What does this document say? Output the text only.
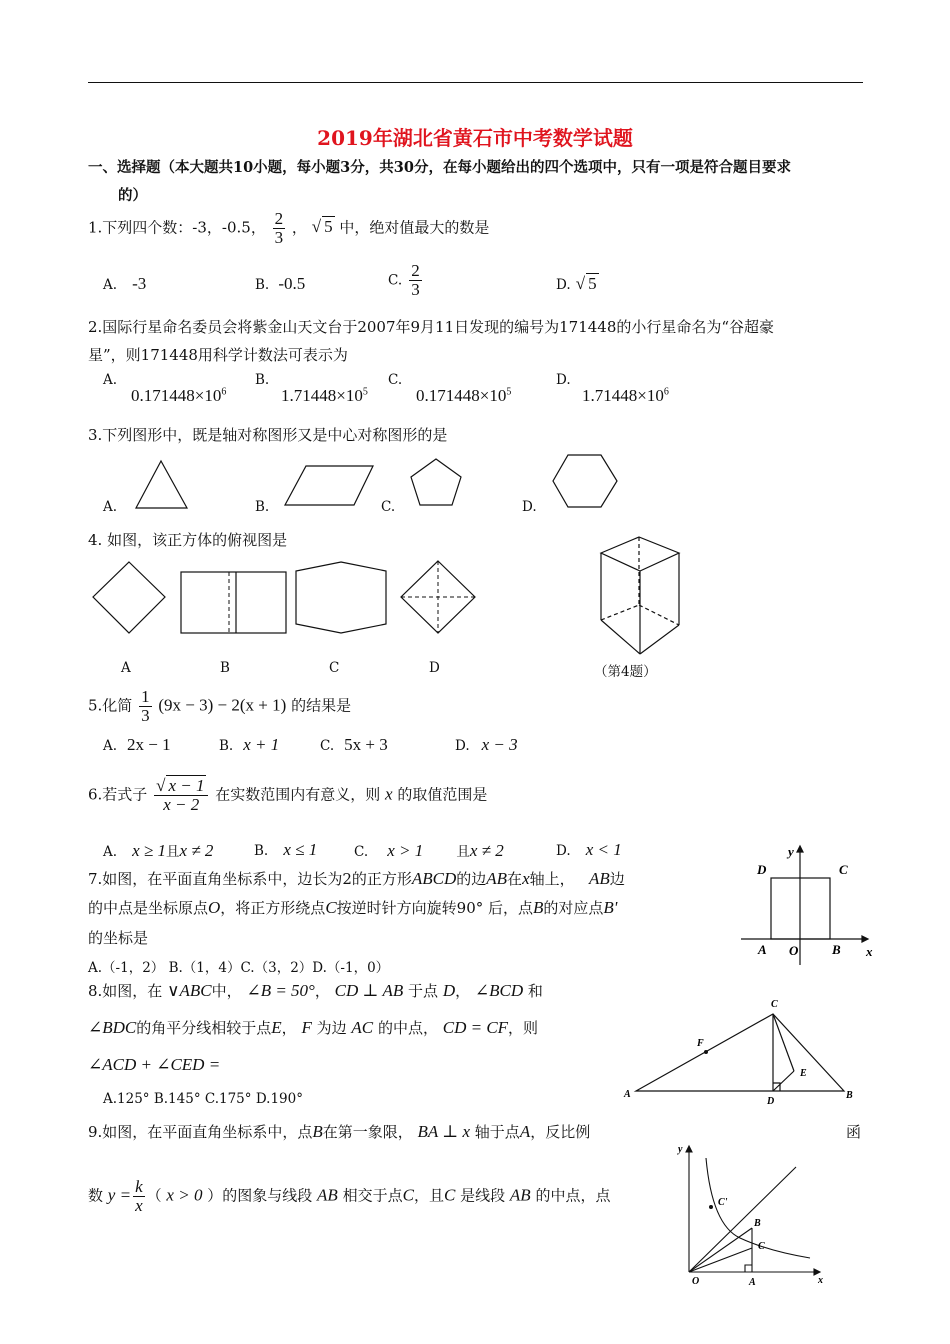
2019年湖北省黄石市中考数学试题
一、选择题（本大题共10小题，每小题3分，共30分，在每小题给出的四个选项中，只有一项是符合题目要求
的）
1.下列四个数：-3，-0.5， $\frac{2}{3}$ ， √ 5 中，绝对值最大的数是
A. -3	B. -0.5	C. $\frac{2}{3}$	D. √ 5
2.国际行星命名委员会将紫金山天文台于2007年9月11日发现的编号为171448的小行星命名为“谷超豪
星”，则171448用科学计数法可表示为
A.
$0.171448\times 10^6$
B.
$1.71448\times 10^5$
C.
$0.171448\times 10^5$
D.
$1.71448\times 10^6$
3.下列图形中，既是轴对称图形又是中心对称图形的是
A.	B.	C.	D.
4. 如图，该正方体的俯视图是
A	B	C	D	（第4题）
5.化简 $\frac{1}{3} (9x - 3) - 2(x + 1)$ 的结果是
A. 2x − 1	B. x + 1	C. 5x + 3	D. x − 3
6.若式子 $\frac{√ x - 1}{x - 2}$ 在实数范围内有意义，则 x 的取值范围是
A. x ≥ 1且x ≠ 2	B. x ≤ 1	C. x > 1 且x ≠ 2	D. x < 1
7.如图，在平面直角坐标系中，边长为2的正方形ABCD的边AB在x轴上， AB边
的中点是坐标原点O，将正方形绕点C按逆时针方向旋转90° 后，点B的对应点B'
的坐标是
A.（-1，2） B.（1，4）C.（3，2）D.（-1，0）
y
x
D	C
A O	B
8.如图，在 ∨ABC中， ∠B = 50°， CD ⊥ AB 于点 D， ∠BCD 和
∠BDC的角平分线相较于点E， F 为边 AC 的中点， CD = CF，则
∠ACD + ∠CED =
A.125° B.145° C.175° D.190°
C
F
E
A
D
B
9.如图，在平面直角坐标系中，点B在第一象限， BA ⊥ x 轴于点A，反比例	函
数 $y = \frac{k}{x}$ （ x > 0 ）的图象与线段 AB 相交于点C，且C 是线段 AB 的中点，点
y
x
C'
B
C
O	A
